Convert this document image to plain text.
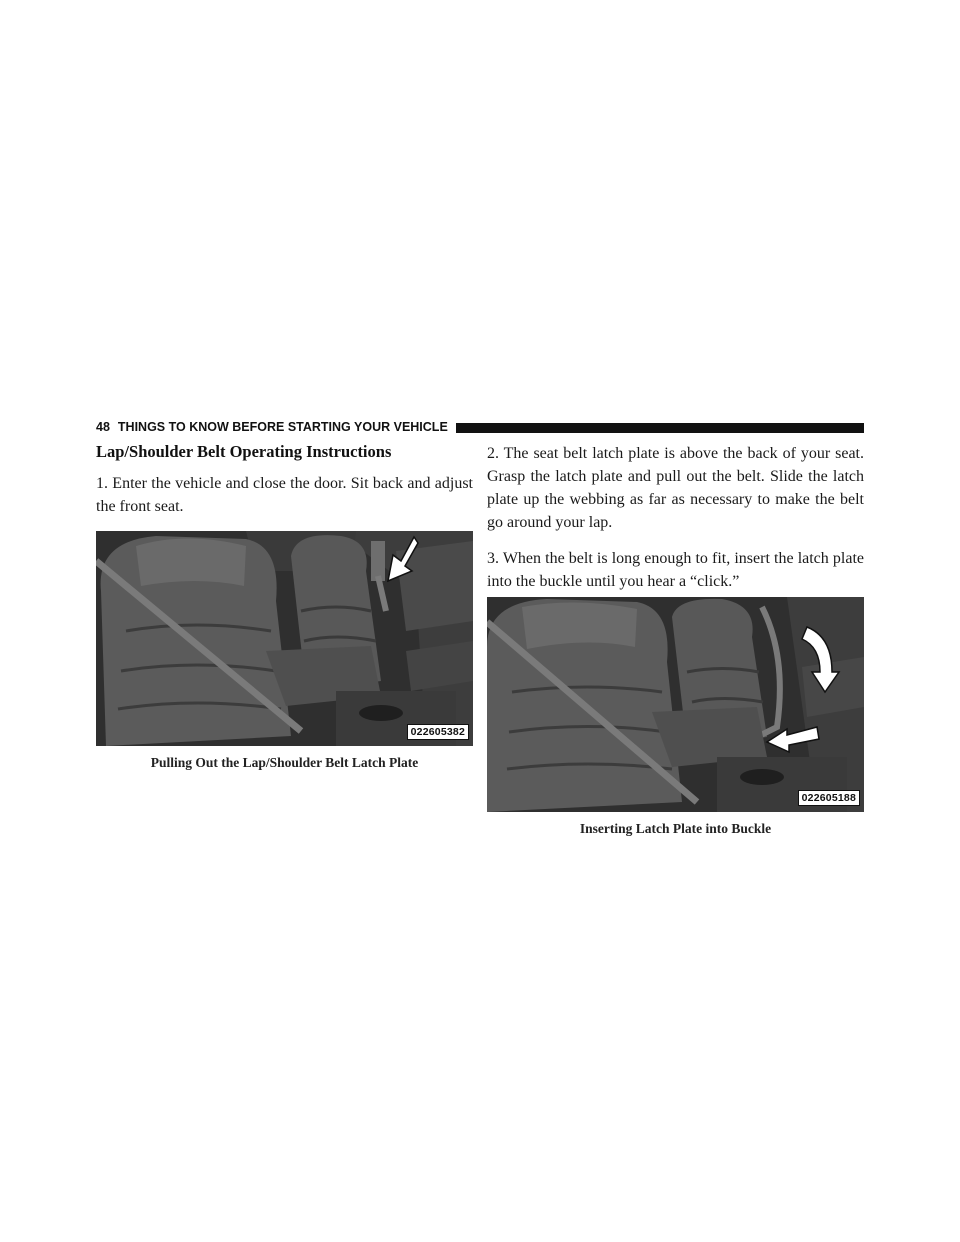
48 THINGS TO KNOW BEFORE STARTING YOUR VEHICLE
Lap/Shoulder Belt Operating Instructions

1. Enter the vehicle and close the door. Sit back and adjust the front seat.

022605382
Pulling Out the Lap/Shoulder Belt Latch Plate

2. The seat belt latch plate is above the back of your seat. Grasp the latch plate and pull out the belt. Slide the latch plate up the webbing as far as necessary to make the belt go around your lap.

3. When the belt is long enough to fit, insert the latch plate into the buckle until you hear a “click.”

022605188
Inserting Latch Plate into Buckle
